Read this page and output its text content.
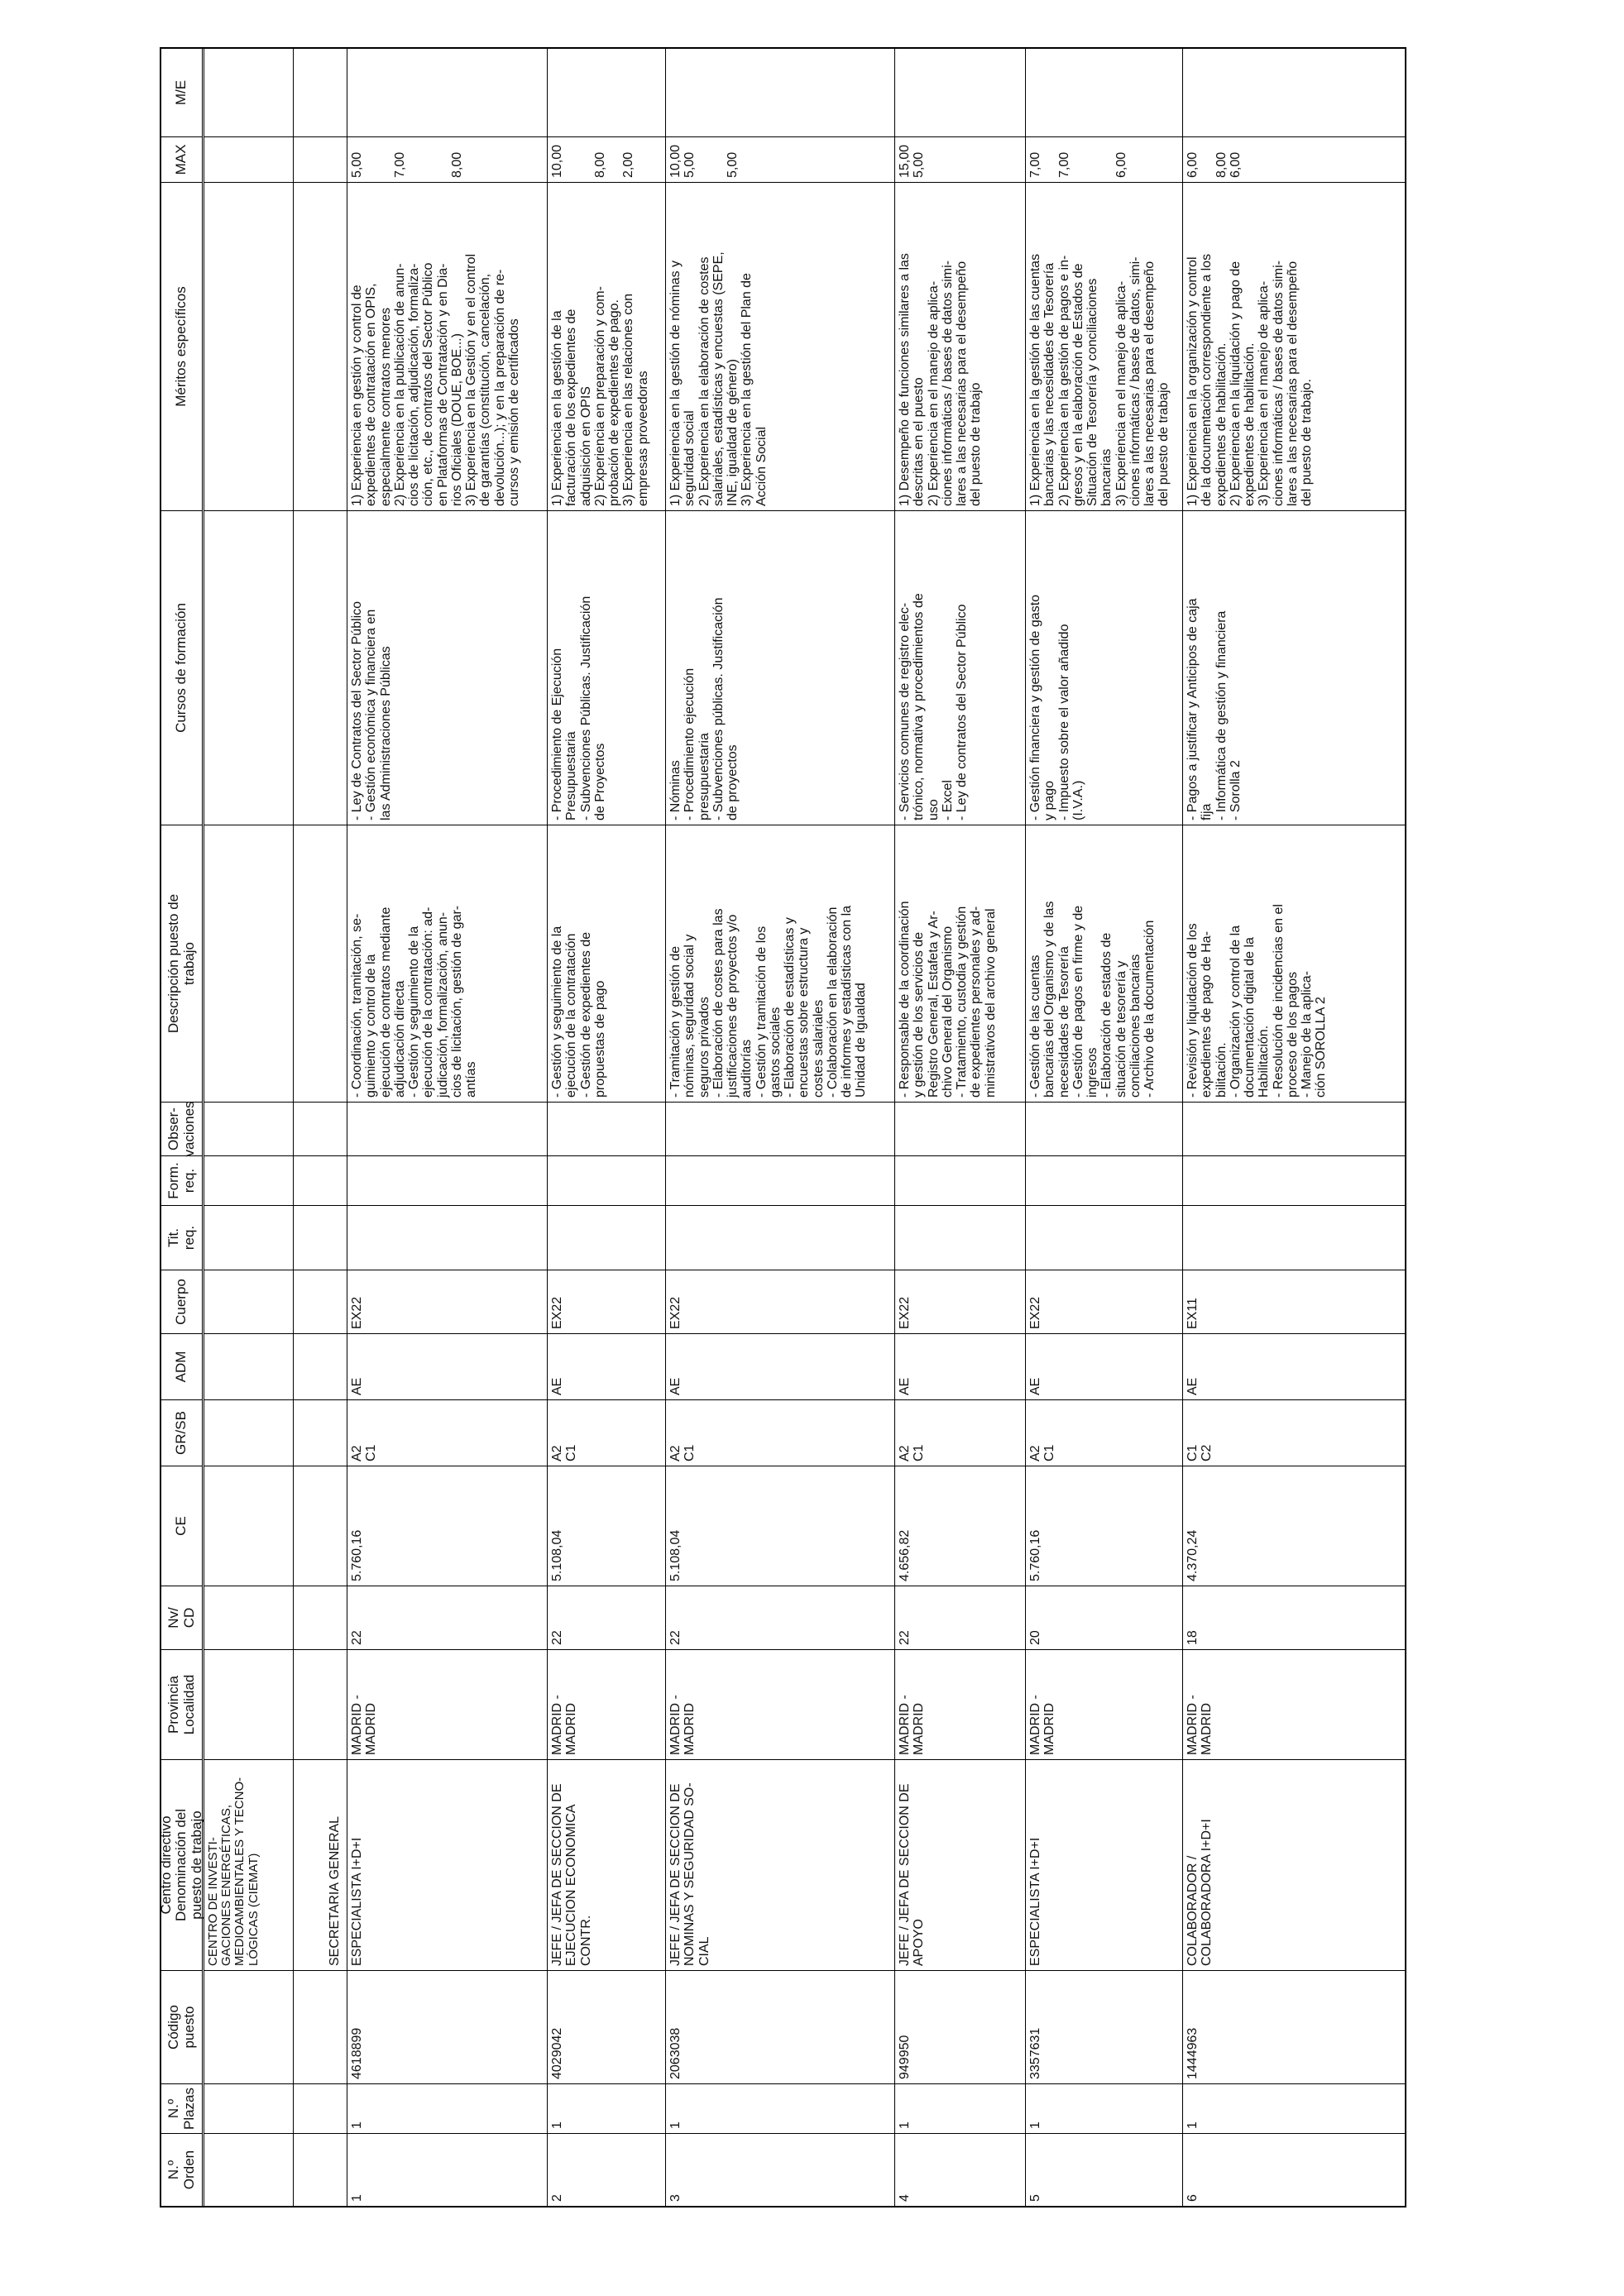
N.º
Orden
N.º
Plazas
Código
puesto
Centro directivo
Denominación del
puesto de trabajo
Provincia
Localidad
Nv/
CD
CE
GR/SB
ADM
Cuerpo
Tit.
req.
Form.
req.
Obser-
vaciones
Descripción puesto de
trabajo
Cursos de formación
Méritos específicos
MAX
M/E
CENTRO DE INVESTI-
GACIONES ENERGÉTICAS,
MEDIOAMBIENTALES Y TECNO-
LÓGICAS (CIEMAT)	SECRETARIA GENERAL
1
1
4618899
ESPECIALISTA I+D+I
MADRID -
MADRID
22
5.760,16
A2
C1
AE
EX22
- Coordinación, tramitación, se-
guimiento y control de la
ejecución de contratos mediante
adjudicación directa
- Gestión y seguimiento de la
ejecución de la contratación: ad-
judicación, formalización, anun-
cios de licitación, gestión de gar-
antías
- Ley de Contratos del Sector Público
- Gestión económica y financiera en
las Administraciones Públicas
1) Experiencia en gestión y control de
expedientes de contratación en OPIS,
especialmente contratos menores
2) Experiencia en la publicación de anun-
cios de licitación, adjudicación, formaliza-
ción, etc., de contratos del Sector Público
en Plataformas de Contratación y en Dia-
rios Oficiales (DOUE, BOE...)
3) Experiencia en la Gestión y en el control
de garantías (constitución, cancelación,
devolución...); y en la preparación de re-
cursos y emisión de certificados
5,00

7,00

8,00
2
1
4029042
JEFE / JEFA DE SECCION DE
EJECUCION ECONOMICA
CONTR.
MADRID -
MADRID
22
5.108,04
A2
C1
AE
EX22
- Gestión y seguimiento de la
ejecución de la contratación
- Gestión de expedientes de
propuestas de pago
- Procedimiento de Ejecución
Presupuestaria
- Subvenciones Públicas. Justificación
de Proyectos
1) Experiencia en la gestión de la
facturación de los expedientes de
adquisición en OPIS
2) Experiencia en preparación y com-
probación de expedientes de pago.
3) Experiencia en las relaciones con
empresas proveedoras
10,00

8,00

2,00
3
1
2063038
JEFE / JEFA DE SECCION DE
NOMINAS Y SEGURIDAD SO-
CIAL
MADRID -
MADRID
22
5.108,04
A2
C1
AE
EX22
- Tramitación y gestión de
nóminas, seguridad social y
seguros privados
- Elaboración de costes para las
justificaciones de proyectos y/o
auditorías
- Gestión y tramitación de los
gastos sociales
- Elaboración de estadísticas y
encuestas sobre estructura y
costes salariales
- Colaboración en la elaboración
de informes y estadísticas con la
Unidad de Igualdad
- Nóminas
- Procedimiento ejecución
presupuestaria
- Subvenciones públicas. Justificación
de proyectos
1) Experiencia en la gestión de nóminas y
seguridad social
2) Experiencia en la elaboración de costes
salariales, estadísticas y encuestas (SEPE,
INE, igualdad de género)
3) Experiencia en la gestión del Plan de
Acción Social
10,00
5,00

5,00
4
1
949950
JEFE / JEFA DE SECCION DE
APOYO
MADRID -
MADRID
22
4.656,82
A2
C1
AE
EX22
- Responsable de la coordinación
y gestión de los servicios de
Registro General, Estafeta y Ar-
chivo General del Organismo
- Tratamiento, custodia y gestión
de expedientes personales y ad-
ministrativos del archivo general
- Servicios comunes de registro elec-
trónico, normativa y procedimientos de
uso
- Excel
- Ley de contratos del Sector Público
1) Desempeño de funciones similares a las
descritas en el puesto
2) Experiencia en el manejo de aplica-
ciones informáticas / bases de datos simi-
lares a las necesarias para el desempeño
del puesto de trabajo
15,00
5,00
5
1
3357631
ESPECIALISTA I+D+I
MADRID -
MADRID
20
5.760,16
A2
C1
AE
EX22
- Gestión de las cuentas
bancarias del Organismo y de las
necesidades de Tesorería
- Gestión de pagos en firme y de
ingresos
- Elaboración de estados de
situación de tesorería y
conciliaciones bancarias
- Archivo de la documentación
- Gestión financiera y gestión de gasto
y pago
- Impuesto sobre el valor añadido
(I.V.A.)
1) Experiencia en la gestión de las cuentas
bancarias y las necesidades de Tesorería
2) Experiencia en la gestión de pagos e in-
gresos y en la elaboración de Estados de
Situación de Tesorería y conciliaciones
bancarias
3) Experiencia en el manejo de aplica-
ciones informáticas / bases de datos, simi-
lares a las necesarias para el desempeño
del puesto de trabajo
7,00

7,00

6,00
6
1
1444963
COLABORADOR /
COLABORADORA I+D+I
MADRID -
MADRID
18
4.370,24
C1
C2
AE
EX11
- Revisión y liquidación de los
expedientes de pago de Ha-
bilitación.
- Organización y control de la
documentación digital de la
Habilitación.
- Resolución de incidencias en el
proceso de los pagos
- Manejo de la aplica-
ción SOROLLA 2
- Pagos a justificar y Anticipos de caja
fija
- Informática de gestión y financiera
- Sorolla 2
1) Experiencia en la organización y control
de la documentación correspondiente a los
expedientes de habilitación.
2) Experiencia en la liquidación y pago de
expedientes de habilitación.
3) Experiencia en el manejo de aplica-
ciones informáticas / bases de datos simi-
lares a las necesarias para el desempeño
del puesto de trabajo.
6,00

8,00
6,00
